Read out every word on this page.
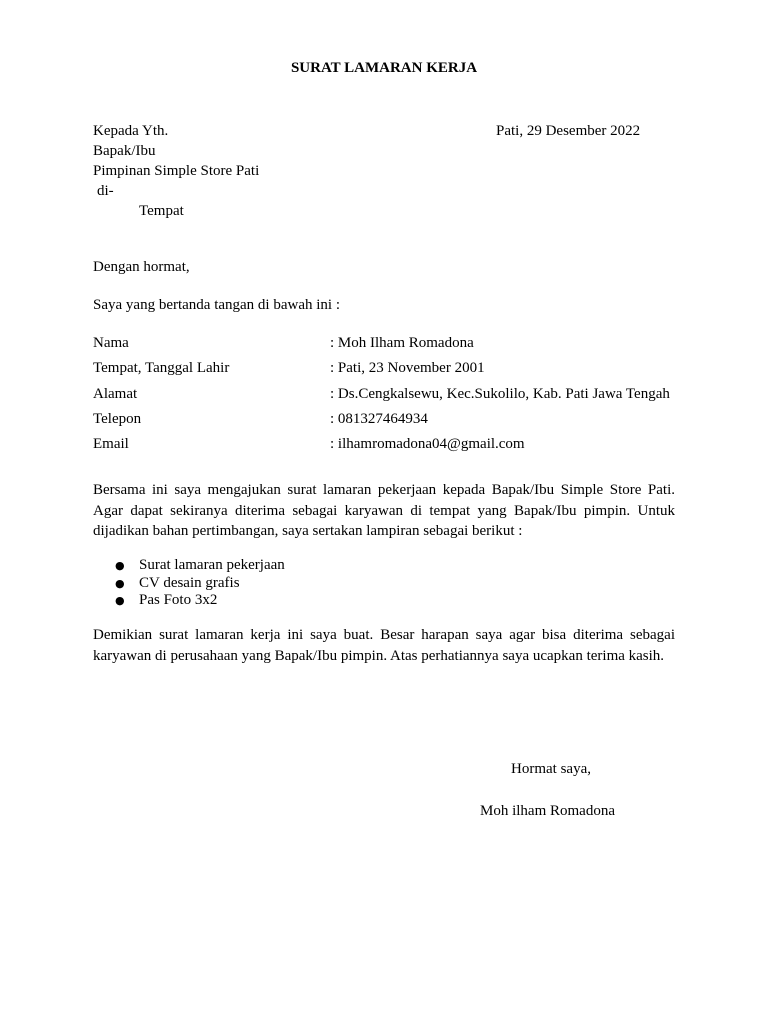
SURAT LAMARAN KERJA
Kepada Yth.
Bapak/Ibu
Pimpinan Simple Store Pati
di-
Tempat
Pati, 29 Desember 2022
Dengan hormat,
Saya yang bertanda tangan di bawah ini :
Nama	: Moh Ilham Romadona
Tempat, Tanggal Lahir	: Pati, 23 November 2001
Alamat	: Ds.Cengkalsewu, Kec.Sukolilo, Kab. Pati Jawa Tengah
Telepon	: 081327464934
Email	: ilhamromadona04@gmail.com
Bersama ini saya mengajukan surat lamaran pekerjaan kepada Bapak/Ibu Simple Store Pati. Agar dapat sekiranya diterima sebagai karyawan di tempat yang Bapak/Ibu pimpin. Untuk dijadikan bahan pertimbangan, saya sertakan lampiran sebagai berikut :
● Surat lamaran pekerjaan
● CV desain grafis
● Pas Foto 3x2
Demikian surat lamaran kerja ini saya buat. Besar harapan saya agar bisa diterima sebagai karyawan di perusahaan yang Bapak/Ibu pimpin. Atas perhatiannya saya ucapkan terima kasih.
Hormat saya,
Moh ilham Romadona
